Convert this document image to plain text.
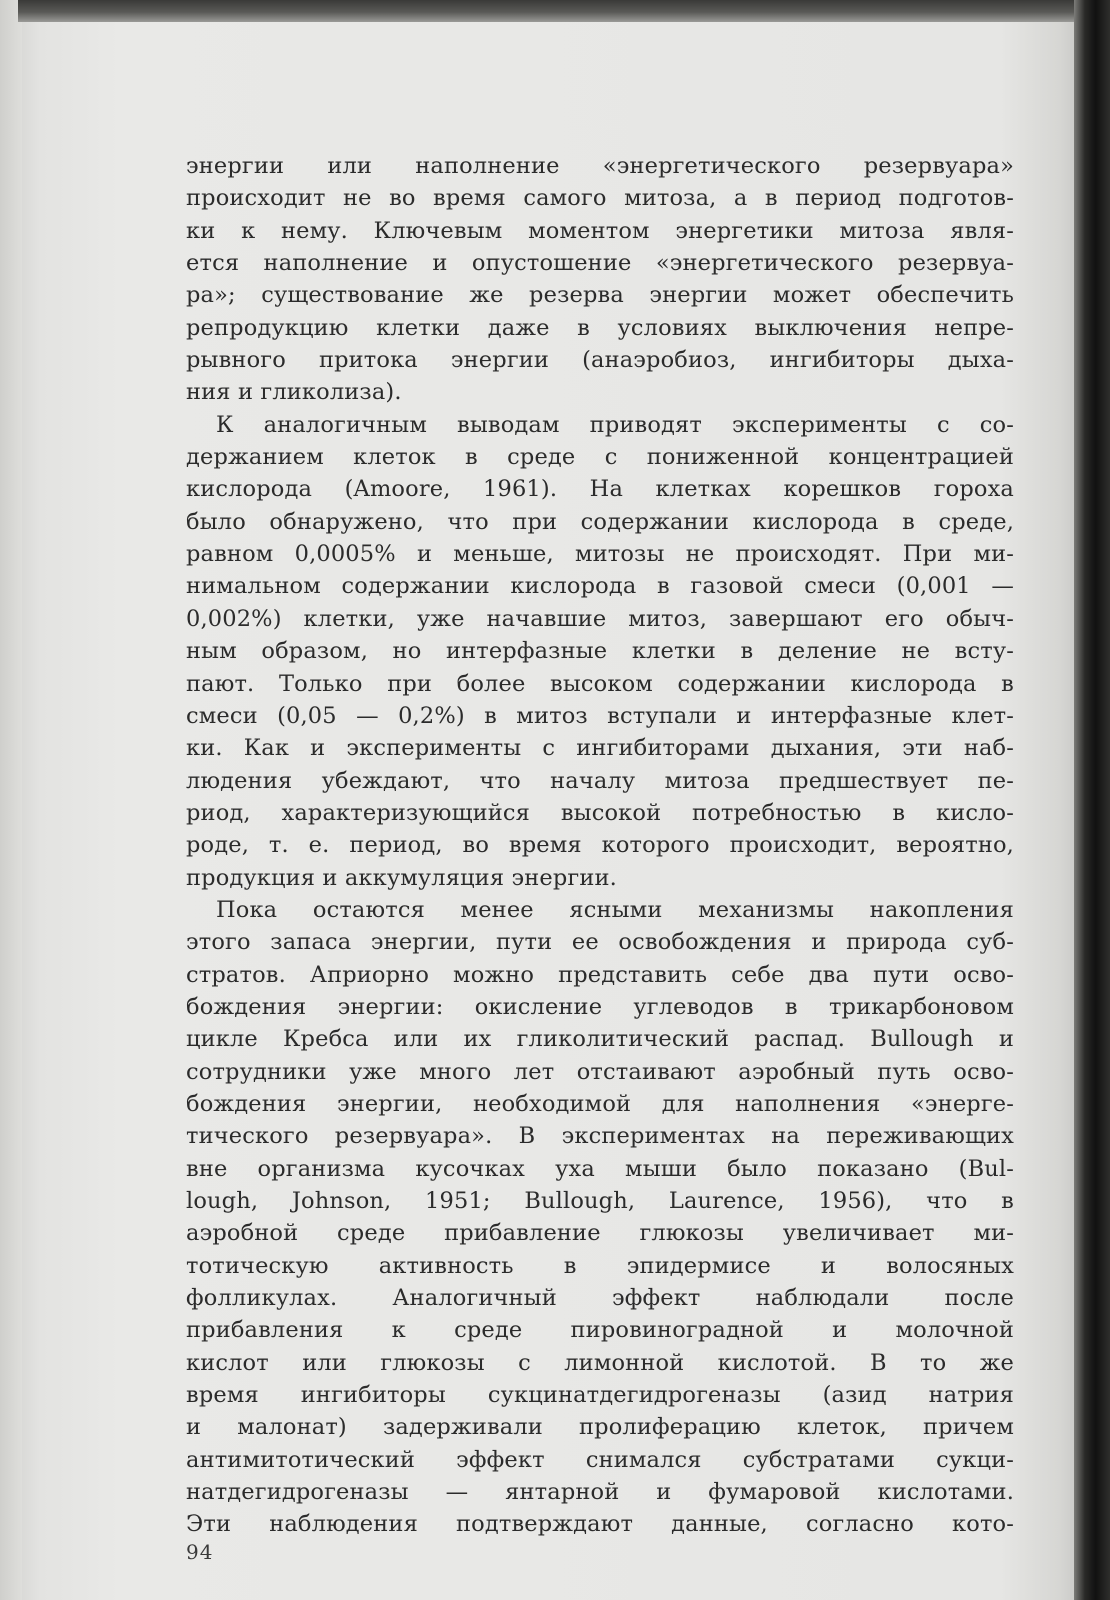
энергии или наполнение «энергетического резервуара»
происходит не во время самого митоза, а в период подготов-
ки к нему. Ключевым моментом энергетики митоза явля-
ется наполнение и опустошение «энергетического резервуа-
ра»; существование же резерва энергии может обеспечить
репродукцию клетки даже в условиях выключения непре-
рывного притока энергии (анаэробиоз, ингибиторы дыха-
ния и гликолиза).
К аналогичным выводам приводят эксперименты с со-
держанием клеток в среде с пониженной концентрацией
кислорода (Amoore, 1961). На клетках корешков гороха
было обнаружено, что при содержании кислорода в среде,
равном 0,0005% и меньше, митозы не происходят. При ми-
нимальном содержании кислорода в газовой смеси (0,001 —
0,002%) клетки, уже начавшие митоз, завершают его обыч-
ным образом, но интерфазные клетки в деление не всту-
пают. Только при более высоком содержании кислорода в
смеси (0,05 — 0,2%) в митоз вступали и интерфазные клет-
ки. Как и эксперименты с ингибиторами дыхания, эти наб-
людения убеждают, что началу митоза предшествует пе-
риод, характеризующийся высокой потребностью в кисло-
роде, т. е. период, во время которого происходит, вероятно,
продукция и аккумуляция энергии.
Пока остаются менее ясными механизмы накопления
этого запаса энергии, пути ее освобождения и природа суб-
стратов. Априорно можно представить себе два пути осво-
бождения энергии: окисление углеводов в трикарбоновом
цикле Кребса или их гликолитический распад. Bullough и
сотрудники уже много лет отстаивают аэробный путь осво-
бождения энергии, необходимой для наполнения «энерге-
тического резервуара». В экспериментах на переживающих
вне организма кусочках уха мыши было показано (Bul-
lough, Johnson, 1951; Bullough, Laurence, 1956), что в
аэробной среде прибавление глюкозы увеличивает ми-
тотическую активность в эпидермисе и волосяных
фолликулах. Аналогичный эффект наблюдали после
прибавления к среде пировиноградной и молочной
кислот или глюкозы с лимонной кислотой. В то же
время ингибиторы сукцинатдегидрогеназы (азид натрия
и малонат) задерживали пролиферацию клеток, причем
антимитотический эффект снимался субстратами сукци-
натдегидрогеназы — янтарной и фумаровой кислотами.
Эти наблюдения подтверждают данные, согласно кото-
94
